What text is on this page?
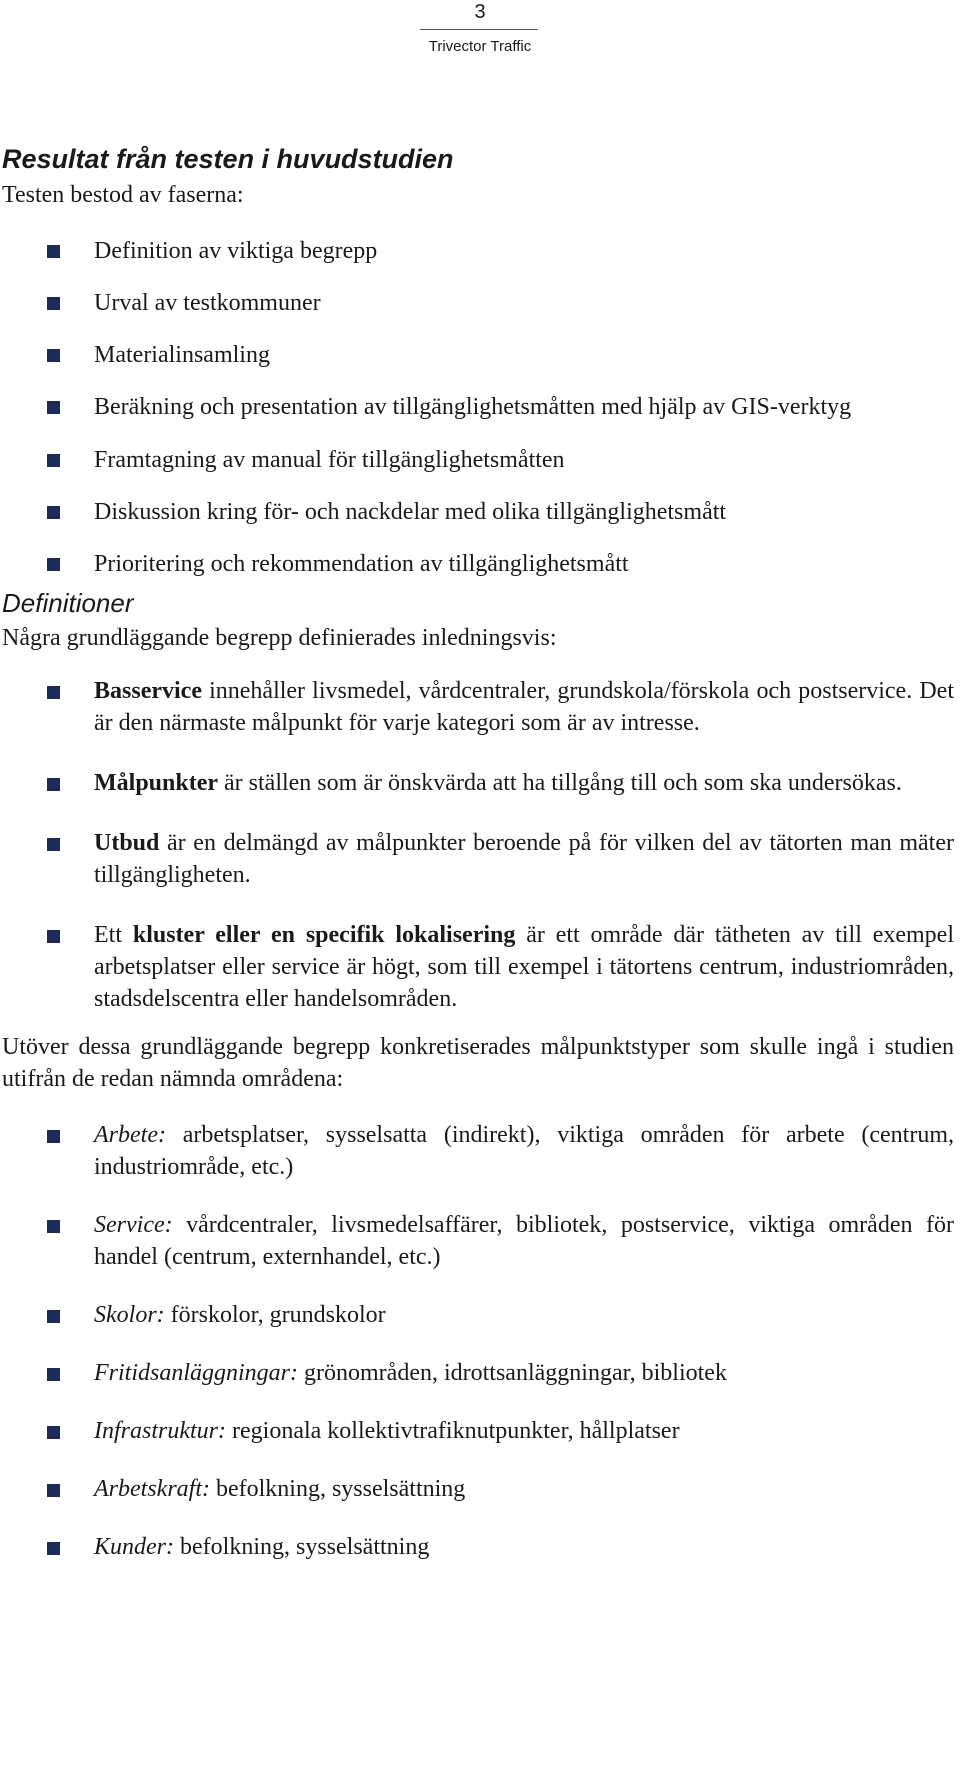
3
Trivector Traffic
Resultat från testen i huvudstudien

Testen bestod av faserna:

Definition av viktiga begrepp
Urval av testkommuner
Materialinsamling
Beräkning och presentation av tillgänglighetsmåtten med hjälp av GIS-verktyg
Framtagning av manual för tillgänglighetsmåtten
Diskussion kring för- och nackdelar med olika tillgänglighetsmått
Prioritering och rekommendation av tillgänglighetsmått
Definitioner

Några grundläggande begrepp definierades inledningsvis:

Basservice innehåller livsmedel, vårdcentraler, grundskola/förskola och postservice. Det är den närmaste målpunkt för varje kategori som är av intresse.
Målpunkter är ställen som är önskvärda att ha tillgång till och som ska undersökas.
Utbud är en delmängd av målpunkter beroende på för vilken del av tätorten man mäter tillgängligheten.
Ett kluster eller en specifik lokalisering är ett område där tätheten av till exempel arbetsplatser eller service är högt, som till exempel i tätortens centrum, industriområden, stadsdelscentra eller handelsområden.

Utöver dessa grundläggande begrepp konkretiserades målpunktstyper som skulle ingå i studien utifrån de redan nämnda områdena:

Arbete: arbetsplatser, sysselsatta (indirekt), viktiga områden för arbete (centrum, industriområde, etc.)
Service: vårdcentraler, livsmedelsaffärer, bibliotek, postservice, viktiga områden för handel (centrum, externhandel, etc.)
Skolor: förskolor, grundskolor
Fritidsanläggningar: grönområden, idrottsanläggningar, bibliotek
Infrastruktur: regionala kollektivtrafiknutpunkter, hållplatser
Arbetskraft: befolkning, sysselsättning
Kunder: befolkning, sysselsättning
